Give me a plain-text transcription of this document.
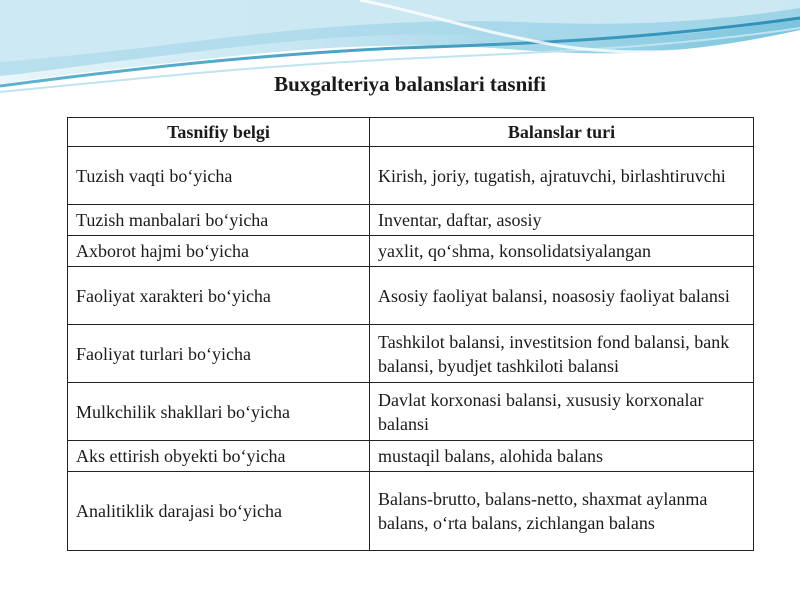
Buxgalteriya balanslari tasnifi
Tasnifiy belgi	Balanslar turi
Tuzish vaqti bo‘yicha	Kirish, joriy, tugatish, ajratuvchi, birlashtiruvchi
Tuzish manbalari bo‘yicha	Inventar, daftar, asosiy
Axborot hajmi bo‘yicha	yaxlit, qo‘shma, konsolidatsiyalangan
Faoliyat xarakteri bo‘yicha	Asosiy faoliyat balansi, noasosiy faoliyat balansi
Faoliyat turlari bo‘yicha	Tashkilot balansi, investitsion fond balansi, bank balansi, byudjet tashkiloti balansi
Mulkchilik shakllari bo‘yicha	Davlat korxonasi balansi, xususiy korxonalar balansi
Aks ettirish obyekti bo‘yicha	mustaqil balans, alohida balans
Analitiklik darajasi bo‘yicha	Balans-brutto, balans-netto, shaxmat aylanma balans, o‘rta balans, zichlangan balans
